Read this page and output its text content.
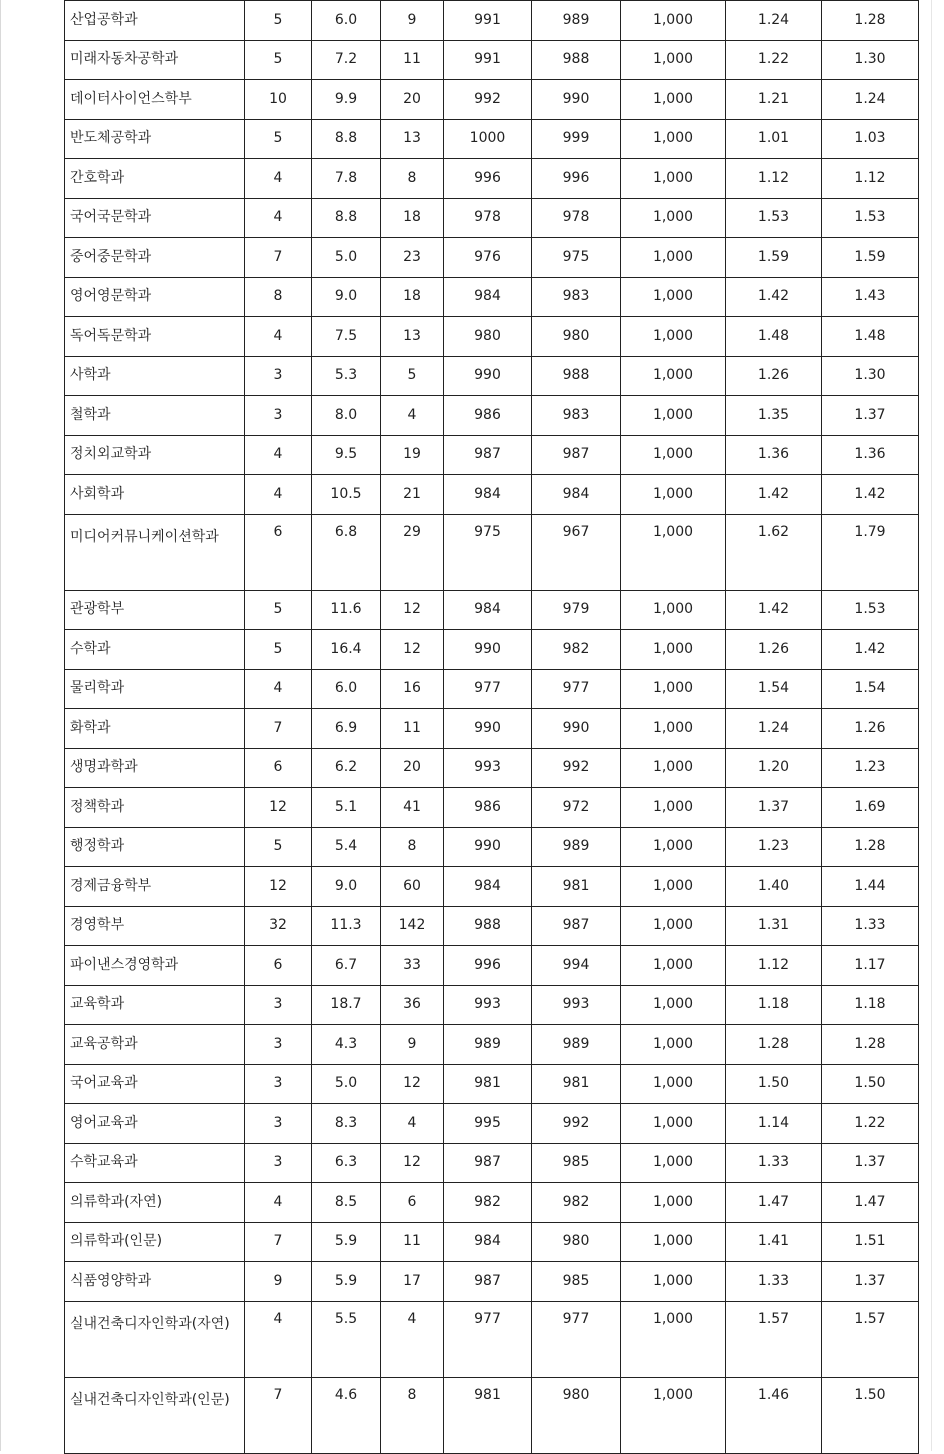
산업공학과	5	6.0	9	991	989	1,000	1.24	1.28
미래자동차공학과	5	7.2	11	991	988	1,000	1.22	1.30
데이터사이언스학부	10	9.9	20	992	990	1,000	1.21	1.24
반도체공학과	5	8.8	13	1000	999	1,000	1.01	1.03
간호학과	4	7.8	8	996	996	1,000	1.12	1.12
국어국문학과	4	8.8	18	978	978	1,000	1.53	1.53
중어중문학과	7	5.0	23	976	975	1,000	1.59	1.59
영어영문학과	8	9.0	18	984	983	1,000	1.42	1.43
독어독문학과	4	7.5	13	980	980	1,000	1.48	1.48
사학과	3	5.3	5	990	988	1,000	1.26	1.30
철학과	3	8.0	4	986	983	1,000	1.35	1.37
정치외교학과	4	9.5	19	987	987	1,000	1.36	1.36
사회학과	4	10.5	21	984	984	1,000	1.42	1.42
미디어커뮤니케이션학과	6	6.8	29	975	967	1,000	1.62	1.79
관광학부	5	11.6	12	984	979	1,000	1.42	1.53
수학과	5	16.4	12	990	982	1,000	1.26	1.42
물리학과	4	6.0	16	977	977	1,000	1.54	1.54
화학과	7	6.9	11	990	990	1,000	1.24	1.26
생명과학과	6	6.2	20	993	992	1,000	1.20	1.23
정책학과	12	5.1	41	986	972	1,000	1.37	1.69
행정학과	5	5.4	8	990	989	1,000	1.23	1.28
경제금융학부	12	9.0	60	984	981	1,000	1.40	1.44
경영학부	32	11.3	142	988	987	1,000	1.31	1.33
파이낸스경영학과	6	6.7	33	996	994	1,000	1.12	1.17
교육학과	3	18.7	36	993	993	1,000	1.18	1.18
교육공학과	3	4.3	9	989	989	1,000	1.28	1.28
국어교육과	3	5.0	12	981	981	1,000	1.50	1.50
영어교육과	3	8.3	4	995	992	1,000	1.14	1.22
수학교육과	3	6.3	12	987	985	1,000	1.33	1.37
의류학과(자연)	4	8.5	6	982	982	1,000	1.47	1.47
의류학과(인문)	7	5.9	11	984	980	1,000	1.41	1.51
식품영양학과	9	5.9	17	987	985	1,000	1.33	1.37
실내건축디자인학과(자연)	4	5.5	4	977	977	1,000	1.57	1.57
실내건축디자인학과(인문)	7	4.6	8	981	980	1,000	1.46	1.50
